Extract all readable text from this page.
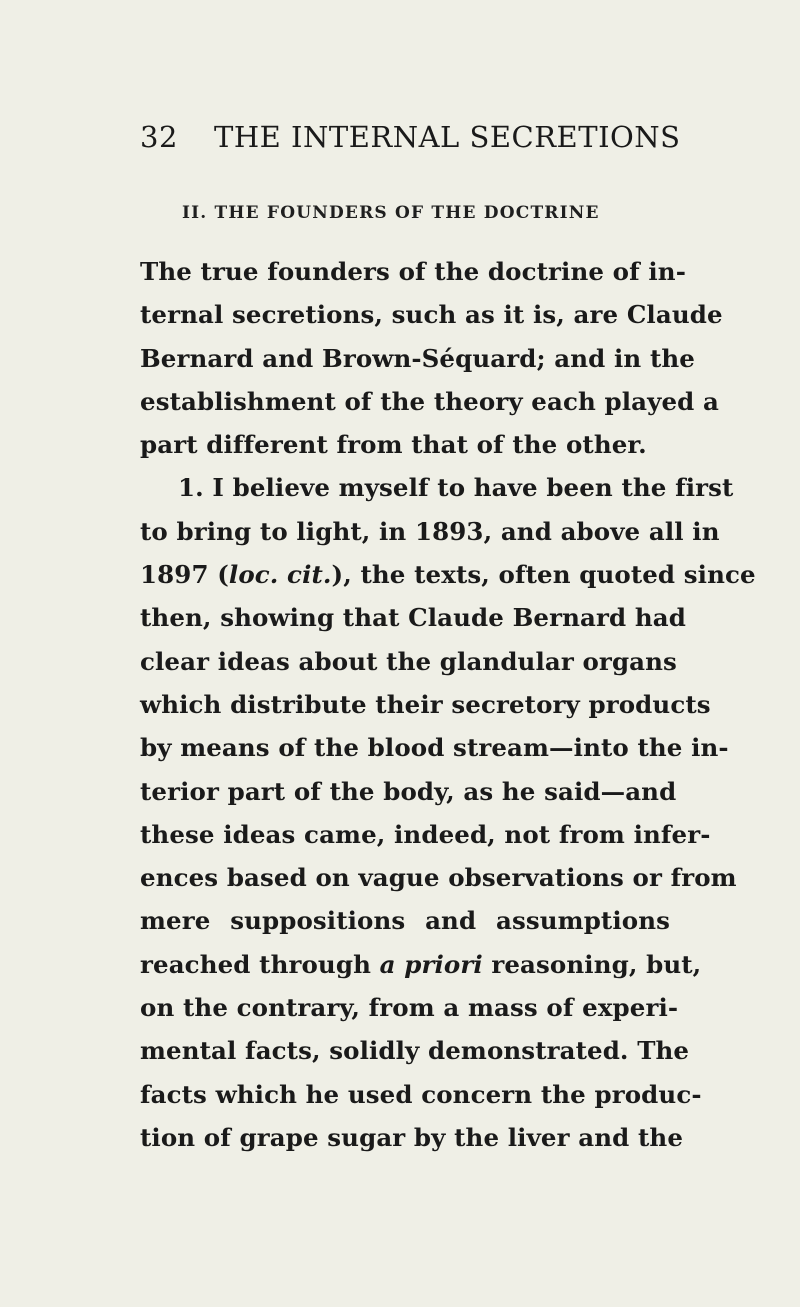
32 THE INTERNAL SECRETIONS
II. THE FOUNDERS OF THE DOCTRINE
The true founders of the doctrine of in-
ternal secretions, such as it is, are Claude
Bernard and Brown-Séquard; and in the
establishment of the theory each played a
part different from that of the other.
1. I believe myself to have been the first
to bring to light, in 1893, and above all in
1897 (loc. cit.), the texts, often quoted since
then, showing that Claude Bernard had
clear ideas about the glandular organs
which distribute their secretory products
by means of the blood stream—into the in-
terior part of the body, as he said—and
these ideas came, indeed, not from infer-
ences based on vague observations or from
mere suppositions and assumptions
reached through a priori reasoning, but,
on the contrary, from a mass of experi-
mental facts, solidly demonstrated. The
facts which he used concern the produc-
tion of grape sugar by the liver and the
